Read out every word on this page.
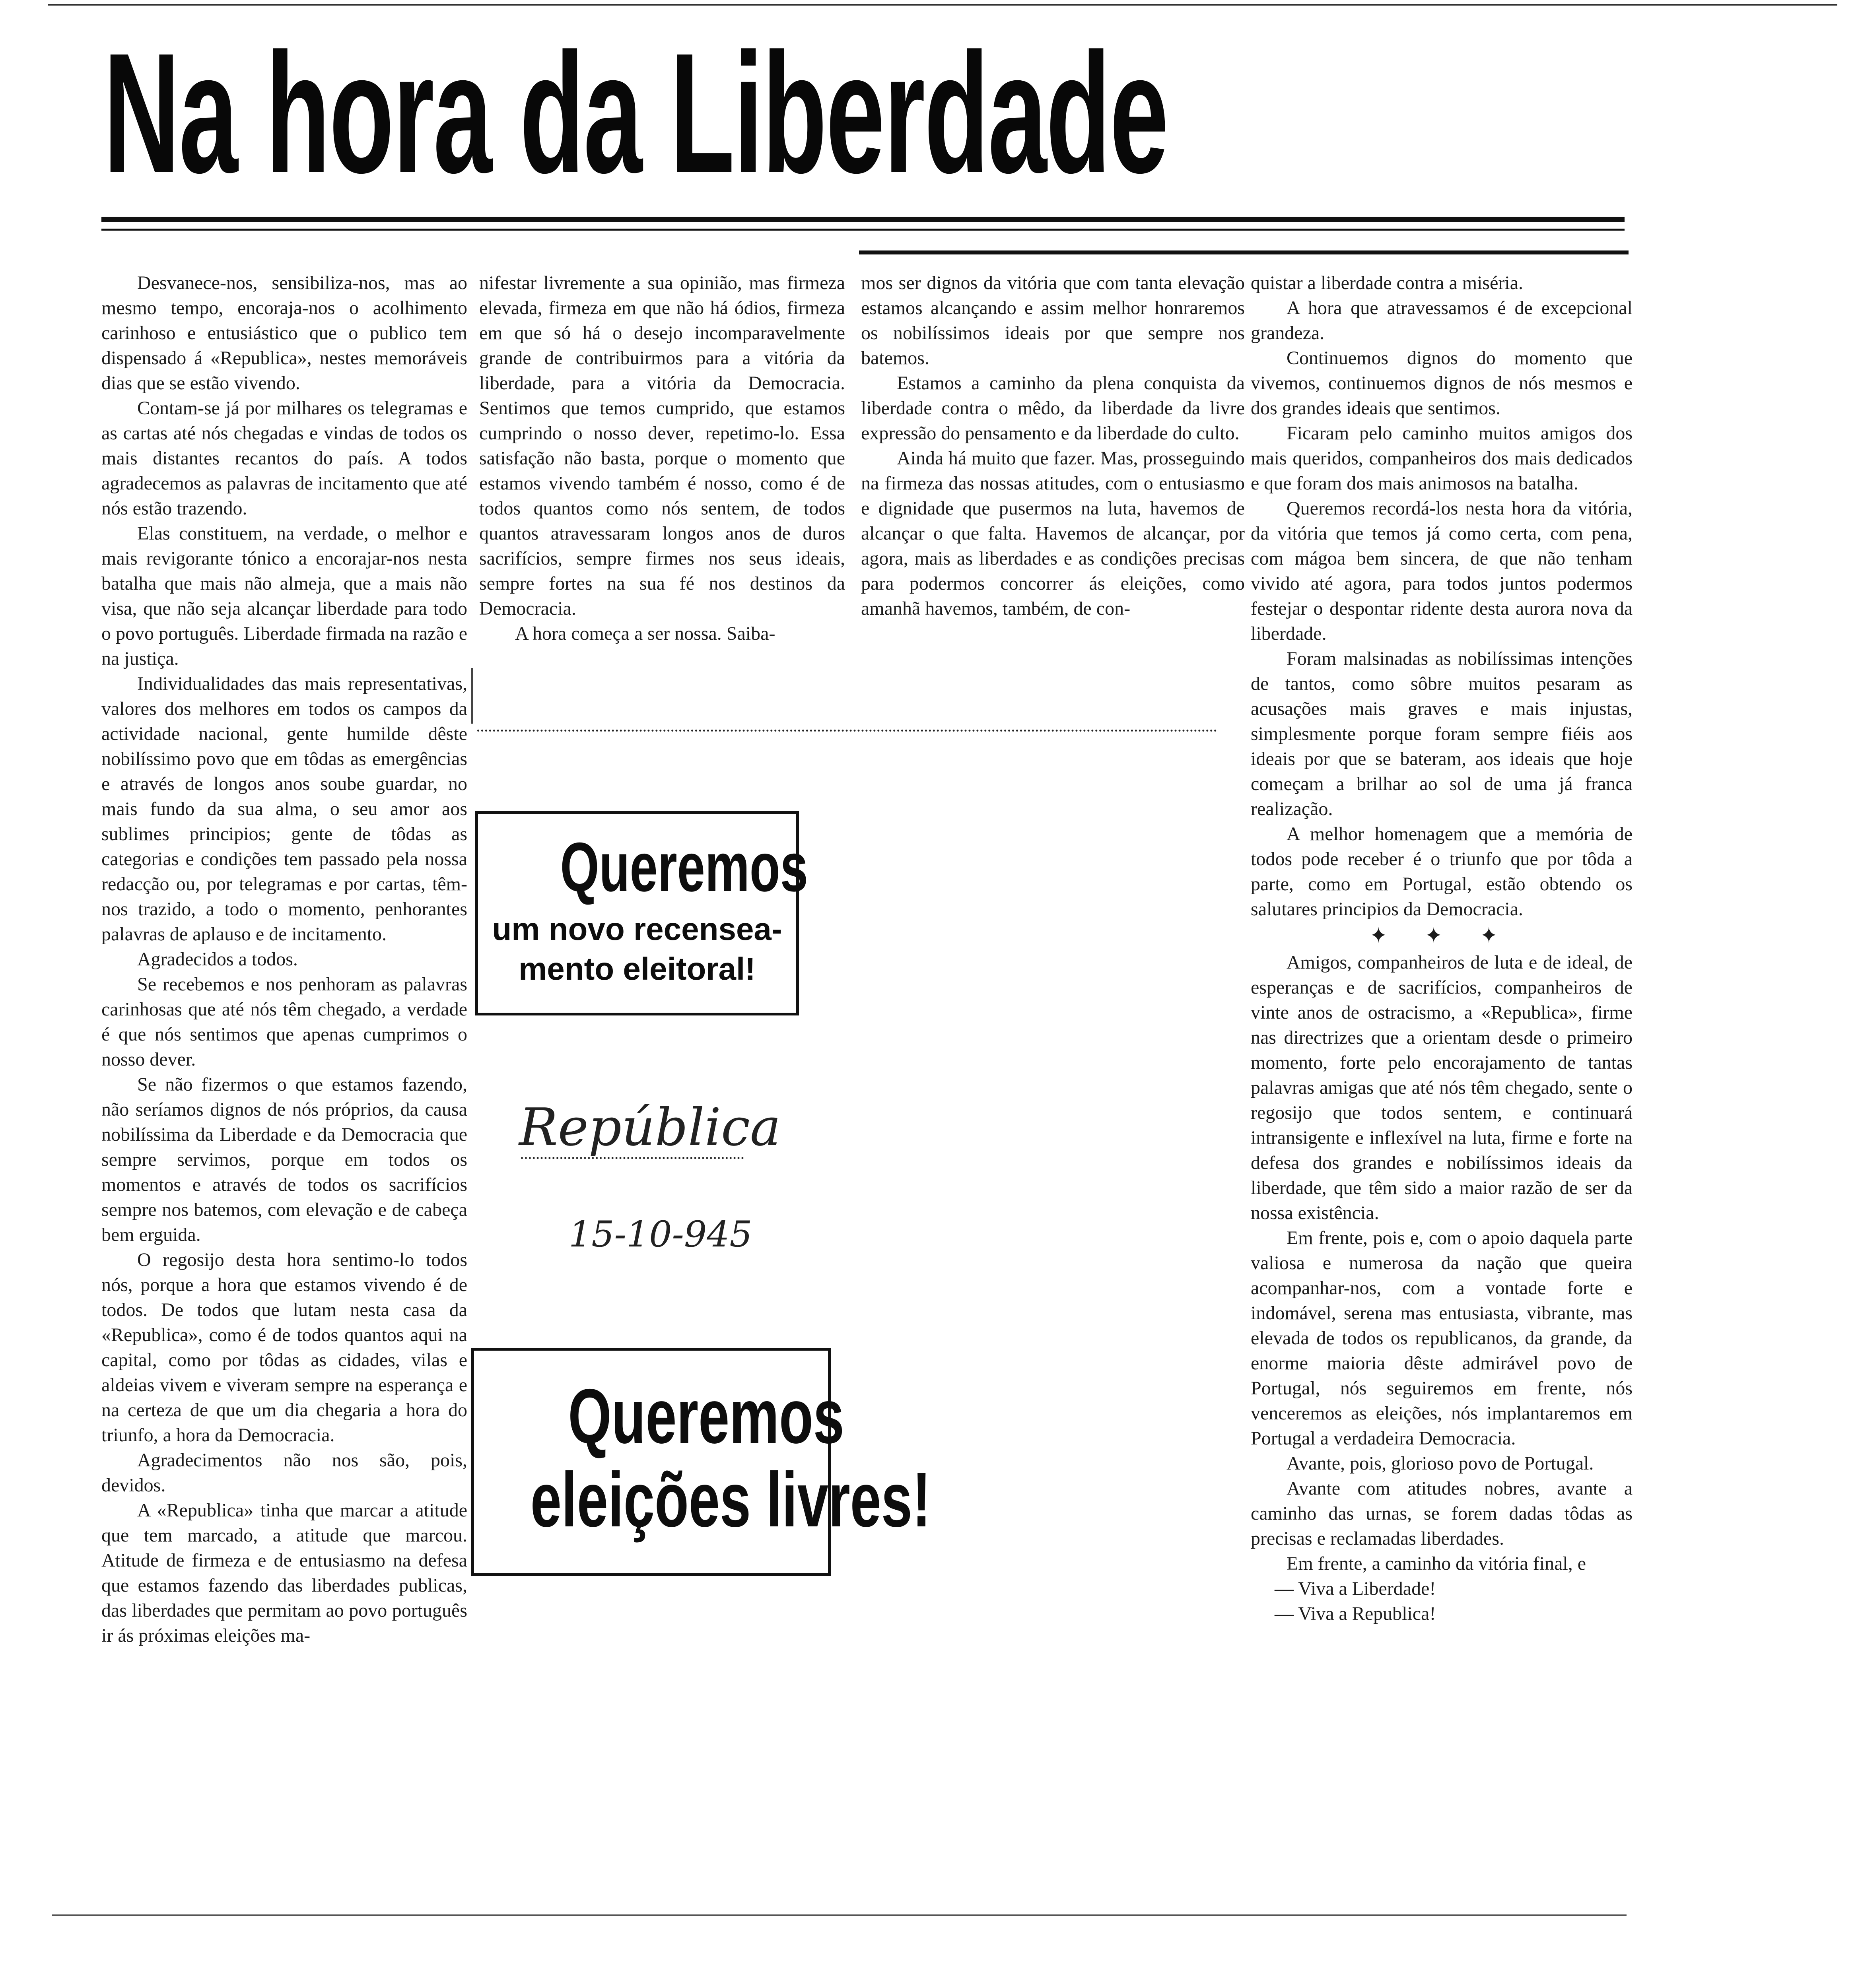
Na hora da Liberdade

Desvanece-nos, sensibiliza-nos, mas ao mesmo tempo, encoraja-nos o acolhimento carinhoso e entusiástico que o publico tem dispensado á «Republica», nestes memoráveis dias que se estão vivendo.

Contam-se já por milhares os telegramas e as cartas até nós chegadas e vindas de todos os mais distantes recantos do país. A todos agradecemos as palavras de incitamento que até nós estão trazendo.

Elas constituem, na verdade, o melhor e mais revigorante tónico a encorajar-nos nesta batalha que mais não almeja, que a mais não visa, que não seja alcançar liberdade para todo o povo português. Liberdade firmada na razão e na justiça.

Individualidades das mais representativas, valores dos melhores em todos os campos da actividade nacional, gente humilde dêste nobilíssimo povo que em tôdas as emergências e através de longos anos soube guardar, no mais fundo da sua alma, o seu amor aos sublimes principios; gente de tôdas as categorias e condições tem passado pela nossa redacção ou, por telegramas e por cartas, têm-nos trazido, a todo o momento, penhorantes palavras de aplauso e de incitamento.

Agradecidos a todos.

Se recebemos e nos penhoram as palavras carinhosas que até nós têm chegado, a verdade é que nós sentimos que apenas cumprimos o nosso dever.

Se não fizermos o que estamos fazendo, não seríamos dignos de nós próprios, da causa nobilíssima da Liberdade e da Democracia que sempre servimos, porque em todos os momentos e através de todos os sacrifícios sempre nos batemos, com elevação e de cabeça bem erguida.

O regosijo desta hora sentimo-lo todos nós, porque a hora que estamos vivendo é de todos. De todos que lutam nesta casa da «Republica», como é de todos quantos aqui na capital, como por tôdas as cidades, vilas e aldeias vivem e viveram sempre na esperança e na certeza de que um dia chegaria a hora do triunfo, a hora da Democracia.

Agradecimentos não nos são, pois, devidos.

A «Republica» tinha que marcar a atitude que tem marcado, a atitude que marcou. Atitude de firmeza e de entusiasmo na defesa que estamos fazendo das liberdades publicas, das liberdades que permitam ao povo português ir ás próximas eleições ma-

nifestar livremente a sua opinião, mas firmeza elevada, firmeza em que não há ódios, firmeza em que só há o desejo incomparavelmente grande de contribuirmos para a vitória da liberdade, para a vitória da Democracia. Sentimos que temos cumprido, que estamos cumprindo o nosso dever, repetimo-lo. Essa satisfação não basta, porque o momento que estamos vivendo também é nosso, como é de todos quantos como nós sentem, de todos quantos atravessaram longos anos de duros sacrifícios, sempre firmes nos seus ideais, sempre fortes na sua fé nos destinos da Democracia.

A hora começa a ser nossa. Saiba-

mos ser dignos da vitória que com tanta elevação estamos alcançando e assim melhor honraremos os nobilíssimos ideais por que sempre nos batemos.

Estamos a caminho da plena conquista da liberdade contra o mêdo, da liberdade da livre expressão do pensamento e da liberdade do culto.

Ainda há muito que fazer. Mas, prosseguindo na firmeza das nossas atitudes, com o entusiasmo e dignidade que pusermos na luta, havemos de alcançar o que falta. Havemos de alcançar, por agora, mais as liberdades e as condições precisas para podermos concorrer ás eleições, como amanhã havemos, também, de con-

quistar a liberdade contra a miséria.

A hora que atravessamos é de excepcional grandeza.

Continuemos dignos do momento que vivemos, continuemos dignos de nós mesmos e dos grandes ideais que sentimos.

Ficaram pelo caminho muitos amigos dos mais queridos, companheiros dos mais dedicados e que foram dos mais animosos na batalha.

Queremos recordá-los nesta hora da vitória, da vitória que temos já como certa, com pena, com mágoa bem sincera, de que não tenham vivido até agora, para todos juntos podermos festejar o despontar ridente desta aurora nova da liberdade.

Foram malsinadas as nobilíssimas intenções de tantos, como sôbre muitos pesaram as acusações mais graves e mais injustas, simplesmente porque foram sempre fiéis aos ideais por que se bateram, aos ideais que hoje começam a brilhar ao sol de uma já franca realização.

A melhor homenagem que a memória de todos pode receber é o triunfo que por tôda a parte, como em Portugal, estão obtendo os salutares principios da Democracia.

✦ ✦ ✦

Amigos, companheiros de luta e de ideal, de esperanças e de sacrifícios, companheiros de vinte anos de ostracismo, a «Republica», firme nas directrizes que a orientam desde o primeiro momento, forte pelo encorajamento de tantas palavras amigas que até nós têm chegado, sente o regosijo que todos sentem, e continuará intransigente e inflexível na luta, firme e forte na defesa dos grandes e nobilíssimos ideais da liberdade, que têm sido a maior razão de ser da nossa existência.

Em frente, pois e, com o apoio daquela parte valiosa e numerosa da nação que queira acompanhar-nos, com a vontade forte e indomável, serena mas entusiasta, vibrante, mas elevada de todos os republicanos, da grande, da enorme maioria dêste admirável povo de Portugal, nós seguiremos em frente, nós venceremos as eleições, nós implantaremos em Portugal a verdadeira Democracia.

Avante, pois, glorioso povo de Portugal.

Avante com atitudes nobres, avante a caminho das urnas, se forem dadas tôdas as precisas e reclamadas liberdades.

Em frente, a caminho da vitória final, e

— Viva a Liberdade!

— Viva a Republica!

Queremos
um novo recensea-
mento eleitoral!
República
15-10-945
Queremos
eleições livres!
